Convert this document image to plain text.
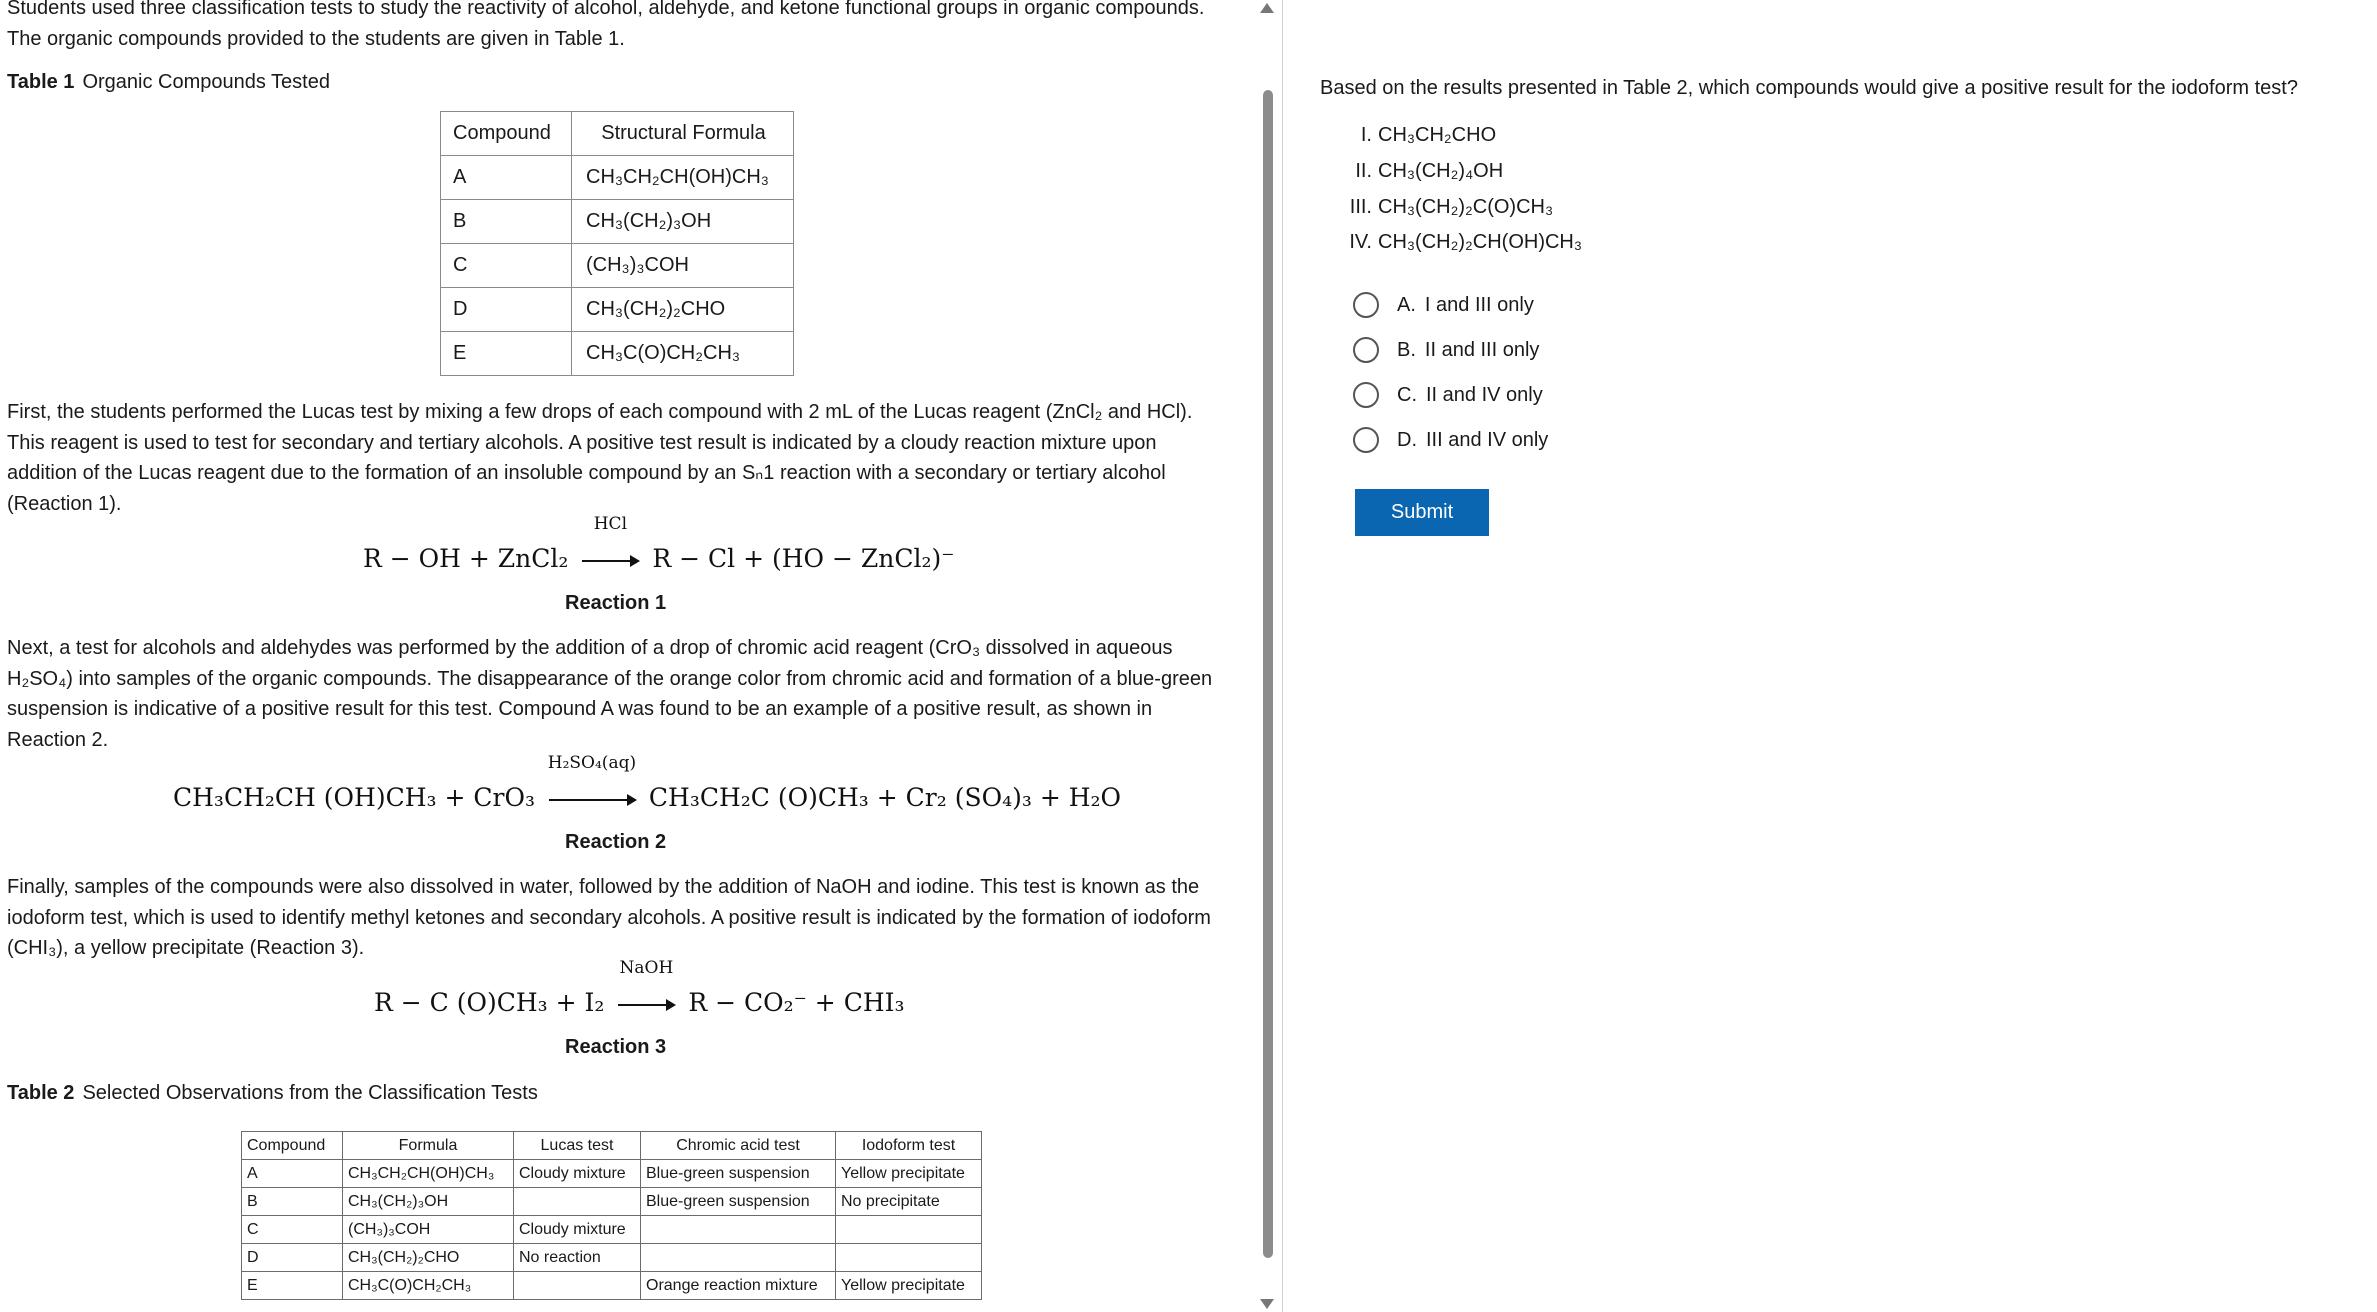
Students used three classification tests to study the reactivity of alcohol, aldehyde, and ketone functional groups in organic compounds. The organic compounds provided to the students are given in Table 1.
Table 1 Organic Compounds Tested
Compound	Structural Formula
A	CH₃CH₂CH(OH)CH₃
B	CH₃(CH₂)₃OH
C	(CH₃)₃COH
D	CH₃(CH₂)₂CHO
E	CH₃C(O)CH₂CH₃
First, the students performed the Lucas test by mixing a few drops of each compound with 2 mL of the Lucas reagent (ZnCl₂ and HCl). This reagent is used to test for secondary and tertiary alcohols. A positive test result is indicated by a cloudy reaction mixture upon addition of the Lucas reagent due to the formation of an insoluble compound by an Sₙ1 reaction with a secondary or tertiary alcohol (Reaction 1).
R − OH + ZnCl₂
HCl
R − Cl + (HO − ZnCl₂)⁻
Reaction 1
Next, a test for alcohols and aldehydes was performed by the addition of a drop of chromic acid reagent (CrO₃ dissolved in aqueous H₂SO₄) into samples of the organic compounds. The disappearance of the orange color from chromic acid and formation of a blue-green suspension is indicative of a positive result for this test. Compound A was found to be an example of a positive result, as shown in Reaction 2.
CH₃CH₂CH (OH)CH₃ + CrO₃
H₂SO₄(aq)
CH₃CH₂C (O)CH₃ + Cr₂ (SO₄)₃ + H₂O
Reaction 2
Finally, samples of the compounds were also dissolved in water, followed by the addition of NaOH and iodine. This test is known as the iodoform test, which is used to identify methyl ketones and secondary alcohols. A positive result is indicated by the formation of iodoform (CHI₃), a yellow precipitate (Reaction 3).
R − C (O)CH₃ + I₂
NaOH
R − CO₂⁻ + CHI₃
Reaction 3
Table 2 Selected Observations from the Classification Tests
Compound	Formula	Lucas test	Chromic acid test	Iodoform test
A	CH₃CH₂CH(OH)CH₃	Cloudy mixture	Blue-green suspension	Yellow precipitate
B	CH₃(CH₂)₃OH		Blue-green suspension	No precipitate
C	(CH₃)₃COH	Cloudy mixture		
D	CH₃(CH₂)₂CHO	No reaction		
E	CH₃C(O)CH₂CH₃		Orange reaction mixture	Yellow precipitate
Based on the results presented in Table 2, which compounds would give a positive result for the iodoform test?
I. CH₃CH₂CHO
II. CH₃(CH₂)₄OH
III. CH₃(CH₂)₂C(O)CH₃
IV. CH₃(CH₂)₂CH(OH)CH₃
A. I and III only
B. II and III only
C. II and IV only
D. III and IV only
Submit
